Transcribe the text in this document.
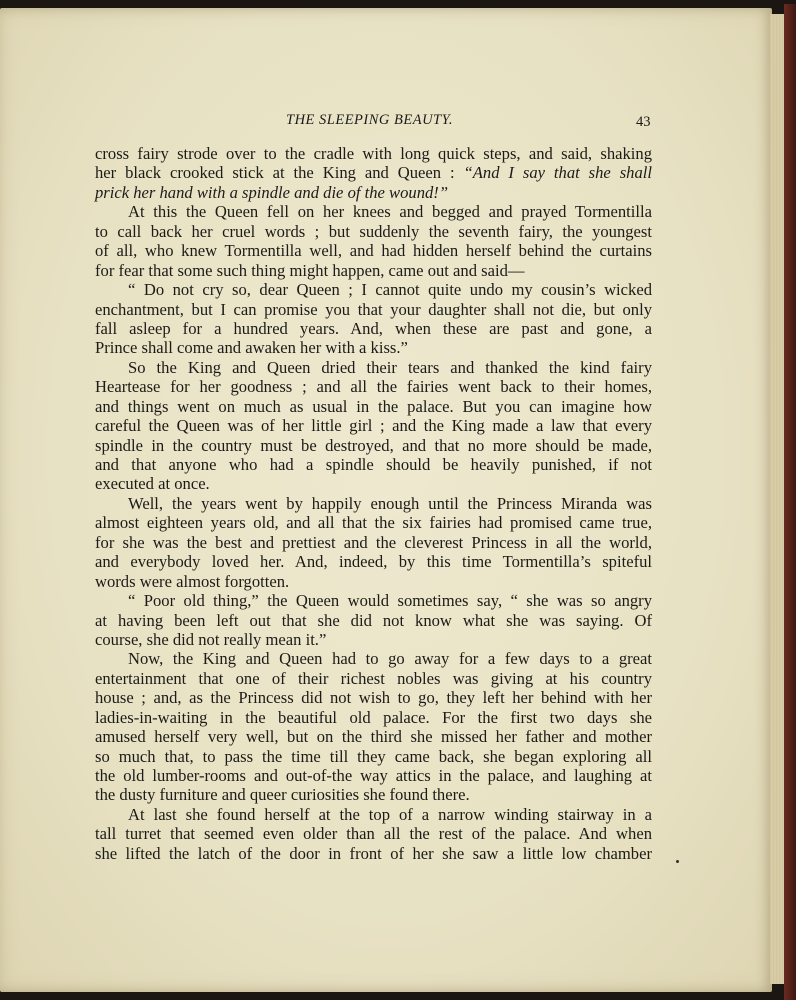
THE SLEEPING BEAUTY.	43
cross fairy strode over to the cradle with long quick steps, and said, shaking
her black crooked stick at the King and Queen : “And I say that she shall
prick her hand with a spindle and die of the wound!”
At this the Queen fell on her knees and begged and prayed Tormentilla
to call back her cruel words ; but suddenly the seventh fairy, the youngest
of all, who knew Tormentilla well, and had hidden herself behind the curtains
for fear that some such thing might happen, came out and said—
“ Do not cry so, dear Queen ; I cannot quite undo my cousin’s wicked
enchantment, but I can promise you that your daughter shall not die, but only
fall asleep for a hundred years. And, when these are past and gone, a
Prince shall come and awaken her with a kiss.”
So the King and Queen dried their tears and thanked the kind fairy
Heartease for her goodness ; and all the fairies went back to their homes,
and things went on much as usual in the palace. But you can imagine how
careful the Queen was of her little girl ; and the King made a law that every
spindle in the country must be destroyed, and that no more should be made,
and that anyone who had a spindle should be heavily punished, if not
executed at once.
Well, the years went by happily enough until the Princess Miranda was
almost eighteen years old, and all that the six fairies had promised came true,
for she was the best and prettiest and the cleverest Princess in all the world,
and everybody loved her. And, indeed, by this time Tormentilla’s spiteful
words were almost forgotten.
“ Poor old thing,” the Queen would sometimes say, “ she was so angry
at having been left out that she did not know what she was saying. Of
course, she did not really mean it.”
Now, the King and Queen had to go away for a few days to a great
entertainment that one of their richest nobles was giving at his country
house ; and, as the Princess did not wish to go, they left her behind with her
ladies-in-waiting in the beautiful old palace. For the first two days she
amused herself very well, but on the third she missed her father and mother
so much that, to pass the time till they came back, she began exploring all
the old lumber-rooms and out-of-the way attics in the palace, and laughing at
the dusty furniture and queer curiosities she found there.
At last she found herself at the top of a narrow winding stairway in a
tall turret that seemed even older than all the rest of the palace. And when
she lifted the latch of the door in front of her she saw a little low chamber
